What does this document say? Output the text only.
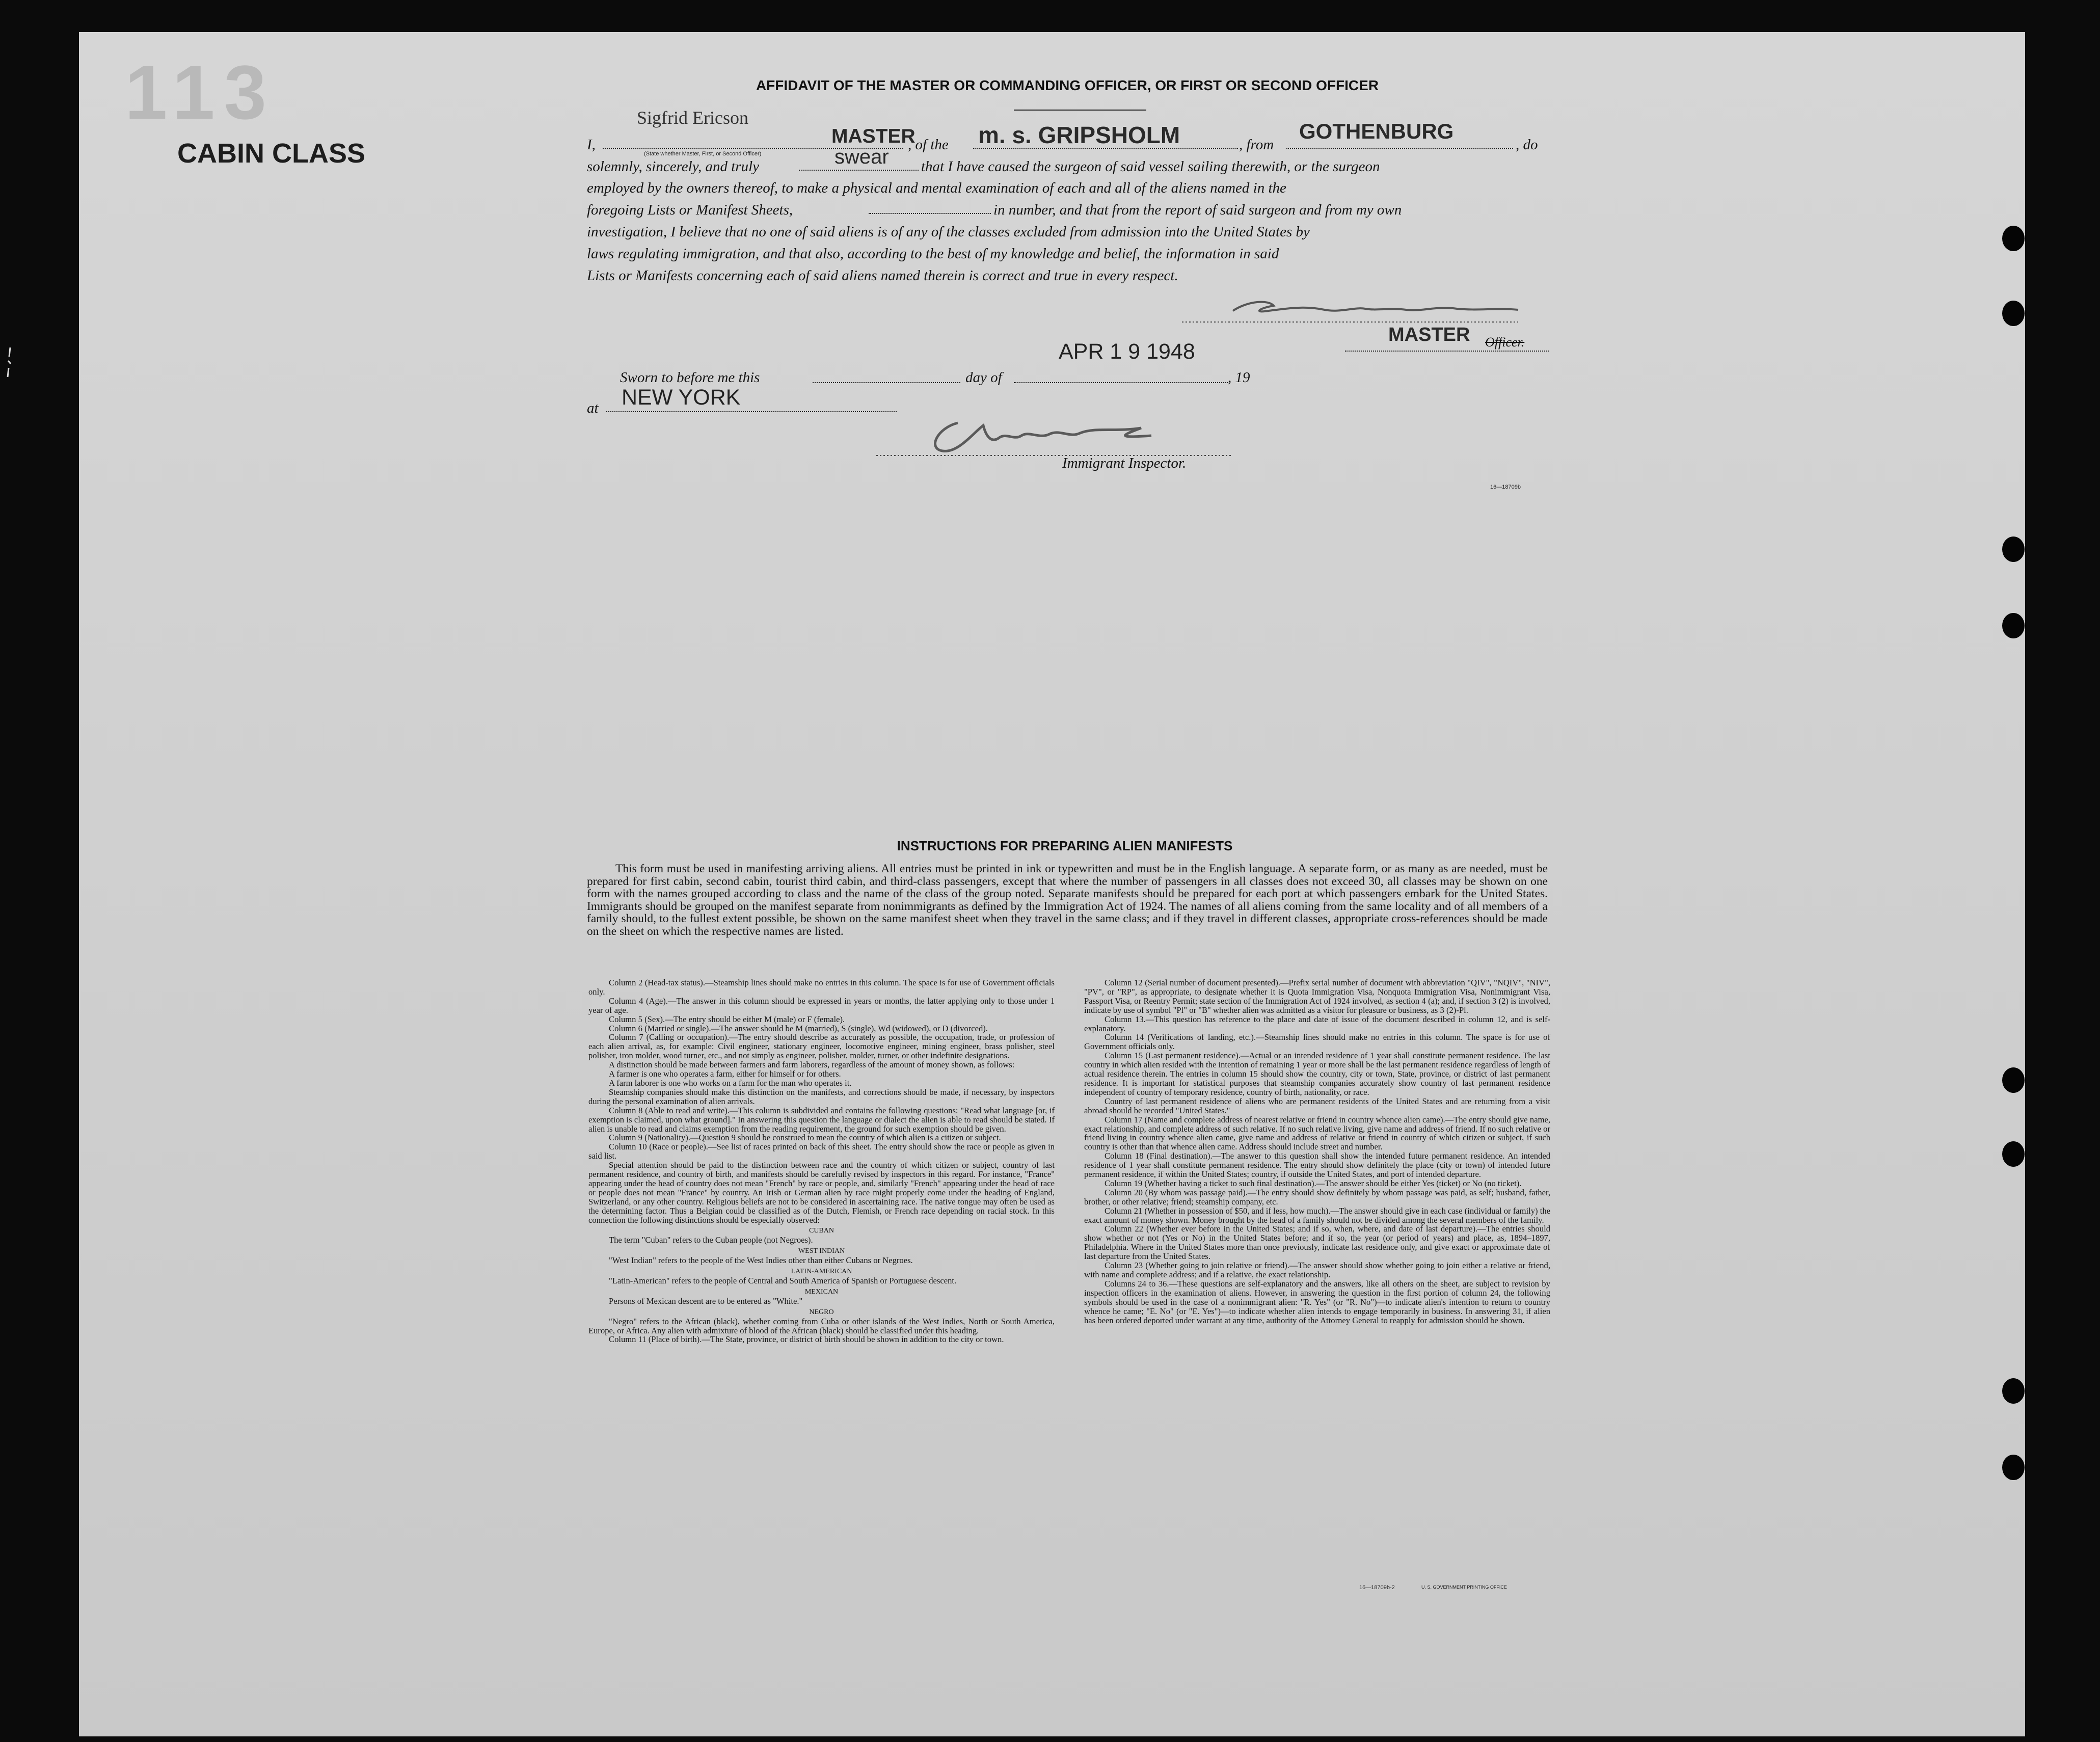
113
CABIN CLASS
AFFIDAVIT OF THE MASTER OR COMMANDING OFFICER, OR FIRST OR SECOND OFFICER
I,
Sigfrid Ericson
MASTER
, of the m. s. GRIPSHOLM	, from
GOTHENBURG
, do
(State whether Master, First, or Second Officer)
solemnly, sincerely, and truly	swear that I have caused the surgeon of said vessel sailing therewith, or the surgeon
employed by the owners thereof, to make a physical and mental examination of each and all of the aliens named in the
foregoing Lists or Manifest Sheets,	in number, and that from the report of said surgeon and from my own
investigation, I believe that no one of said aliens is of any of the classes excluded from admission into the United States by
laws regulating immigration, and that also, according to the best of my knowledge and belief, the information in said
Lists or Manifests concerning each of said aliens named therein is correct and true in every respect.
MASTER Officer.
APR 1 9 1948
Sworn to before me this	day of	, 19
at NEW YORK
Immigrant Inspector.
16—18709b
INSTRUCTIONS FOR PREPARING ALIEN MANIFESTS
This form must be used in manifesting arriving aliens. All entries must be printed in ink or typewritten and must be in the English language. A separate form, or as many as are needed, must be prepared for first cabin, second cabin, tourist third cabin, and third-class passengers, except that where the number of passengers in all classes does not exceed 30, all classes may be shown on one form with the names grouped according to class and the name of the class of the group noted. Separate manifests should be prepared for each port at which passengers embark for the United States. Immigrants should be grouped on the manifest separate from nonimmigrants as defined by the Immigration Act of 1924. The names of all aliens coming from the same locality and of all members of a family should, to the fullest extent possible, be shown on the same manifest sheet when they travel in the same class; and if they travel in different classes, appropriate cross-references should be made on the sheet on which the respective names are listed.

Column 2 (Head-tax status).—Steamship lines should make no entries in this column. The space is for use of Government officials only.

Column 4 (Age).—The answer in this column should be expressed in years or months, the latter applying only to those under 1 year of age.

Column 5 (Sex).—The entry should be either M (male) or F (female).

Column 6 (Married or single).—The answer should be M (married), S (single), Wd (widowed), or D (divorced).

Column 7 (Calling or occupation).—The entry should describe as accurately as possible, the occupation, trade, or profession of each alien arrival, as, for example: Civil engineer, stationary engineer, locomotive engineer, mining engineer, brass polisher, steel polisher, iron molder, wood turner, etc., and not simply as engineer, polisher, molder, turner, or other indefinite designations.

A distinction should be made between farmers and farm laborers, regardless of the amount of money shown, as follows:

A farmer is one who operates a farm, either for himself or for others.

A farm laborer is one who works on a farm for the man who operates it.

Steamship companies should make this distinction on the manifests, and corrections should be made, if necessary, by inspectors during the personal examination of alien arrivals.

Column 8 (Able to read and write).—This column is subdivided and contains the following questions: "Read what language [or, if exemption is claimed, upon what ground]." In answering this question the language or dialect the alien is able to read should be stated. If alien is unable to read and claims exemption from the reading requirement, the ground for such exemption should be given.

Column 9 (Nationality).—Question 9 should be construed to mean the country of which alien is a citizen or subject.

Column 10 (Race or people).—See list of races printed on back of this sheet. The entry should show the race or people as given in said list.

Special attention should be paid to the distinction between race and the country of which citizen or subject, country of last permanent residence, and country of birth, and manifests should be carefully revised by inspectors in this regard. For instance, "France" appearing under the head of country does not mean "French" by race or people, and, similarly "French" appearing under the head of race or people does not mean "France" by country. An Irish or German alien by race might properly come under the heading of England, Switzerland, or any other country. Religious beliefs are not to be considered in ascertaining race. The native tongue may often be used as the determining factor. Thus a Belgian could be classified as of the Dutch, Flemish, or French race depending on racial stock. In this connection the following distinctions should be especially observed:

CUBAN

The term "Cuban" refers to the Cuban people (not Negroes).

WEST INDIAN

"West Indian" refers to the people of the West Indies other than either Cubans or Negroes.

LATIN-AMERICAN

"Latin-American" refers to the people of Central and South America of Spanish or Portuguese descent.

MEXICAN

Persons of Mexican descent are to be entered as "White."

NEGRO

"Negro" refers to the African (black), whether coming from Cuba or other islands of the West Indies, North or South America, Europe, or Africa. Any alien with admixture of blood of the African (black) should be classified under this heading.

Column 11 (Place of birth).—The State, province, or district of birth should be shown in addition to the city or town.

Column 12 (Serial number of document presented).—Prefix serial number of document with abbreviation "QIV", "NQIV", "NIV", "PV", or "RP", as appropriate, to designate whether it is Quota Immigration Visa, Nonquota Immigration Visa, Nonimmigrant Visa, Passport Visa, or Reentry Permit; state section of the Immigration Act of 1924 involved, as section 4 (a); and, if section 3 (2) is involved, indicate by use of symbol "Pl" or "B" whether alien was admitted as a visitor for pleasure or business, as 3 (2)-Pl.

Column 13.—This question has reference to the place and date of issue of the document described in column 12, and is self-explanatory.

Column 14 (Verifications of landing, etc.).—Steamship lines should make no entries in this column. The space is for use of Government officials only.

Column 15 (Last permanent residence).—Actual or an intended residence of 1 year shall constitute permanent residence. The last country in which alien resided with the intention of remaining 1 year or more shall be the last permanent residence regardless of length of actual residence therein. The entries in column 15 should show the country, city or town, State, province, or district of last permanent residence. It is important for statistical purposes that steamship companies accurately show country of last permanent residence independent of country of temporary residence, country of birth, nationality, or race.

Country of last permanent residence of aliens who are permanent residents of the United States and are returning from a visit abroad should be recorded "United States."

Column 17 (Name and complete address of nearest relative or friend in country whence alien came).—The entry should give name, exact relationship, and complete address of such relative. If no such relative living, give name and address of friend. If no such relative or friend living in country whence alien came, give name and address of relative or friend in country of which citizen or subject, if such country is other than that whence alien came. Address should include street and number.

Column 18 (Final destination).—The answer to this question shall show the intended future permanent residence. An intended residence of 1 year shall constitute permanent residence. The entry should show definitely the place (city or town) of intended future permanent residence, if within the United States; country, if outside the United States, and port of intended departure.

Column 19 (Whether having a ticket to such final destination).—The answer should be either Yes (ticket) or No (no ticket).

Column 20 (By whom was passage paid).—The entry should show definitely by whom passage was paid, as self; husband, father, brother, or other relative; friend; steamship company, etc.

Column 21 (Whether in possession of $50, and if less, how much).—The answer should give in each case (individual or family) the exact amount of money shown. Money brought by the head of a family should not be divided among the several members of the family.

Column 22 (Whether ever before in the United States; and if so, when, where, and date of last departure).—The entries should show whether or not (Yes or No) in the United States before; and if so, the year (or period of years) and place, as, 1894–1897, Philadelphia. Where in the United States more than once previously, indicate last residence only, and give exact or approximate date of last departure from the United States.

Column 23 (Whether going to join relative or friend).—The answer should show whether going to join either a relative or friend, with name and complete address; and if a relative, the exact relationship.

Columns 24 to 36.—These questions are self-explanatory and the answers, like all others on the sheet, are subject to revision by inspection officers in the examination of aliens. However, in answering the question in the first portion of column 24, the following symbols should be used in the case of a nonimmigrant alien: "R. Yes" (or "R. No")—to indicate alien's intention to return to country whence he came; "E. No" (or "E. Yes")—to indicate whether alien intends to engage temporarily in business. In answering 31, if alien has been ordered deported under warrant at any time, authority of the Attorney General to reapply for admission should be shown.

16—18709b-2	U. S. GOVERNMENT PRINTING OFFICE
